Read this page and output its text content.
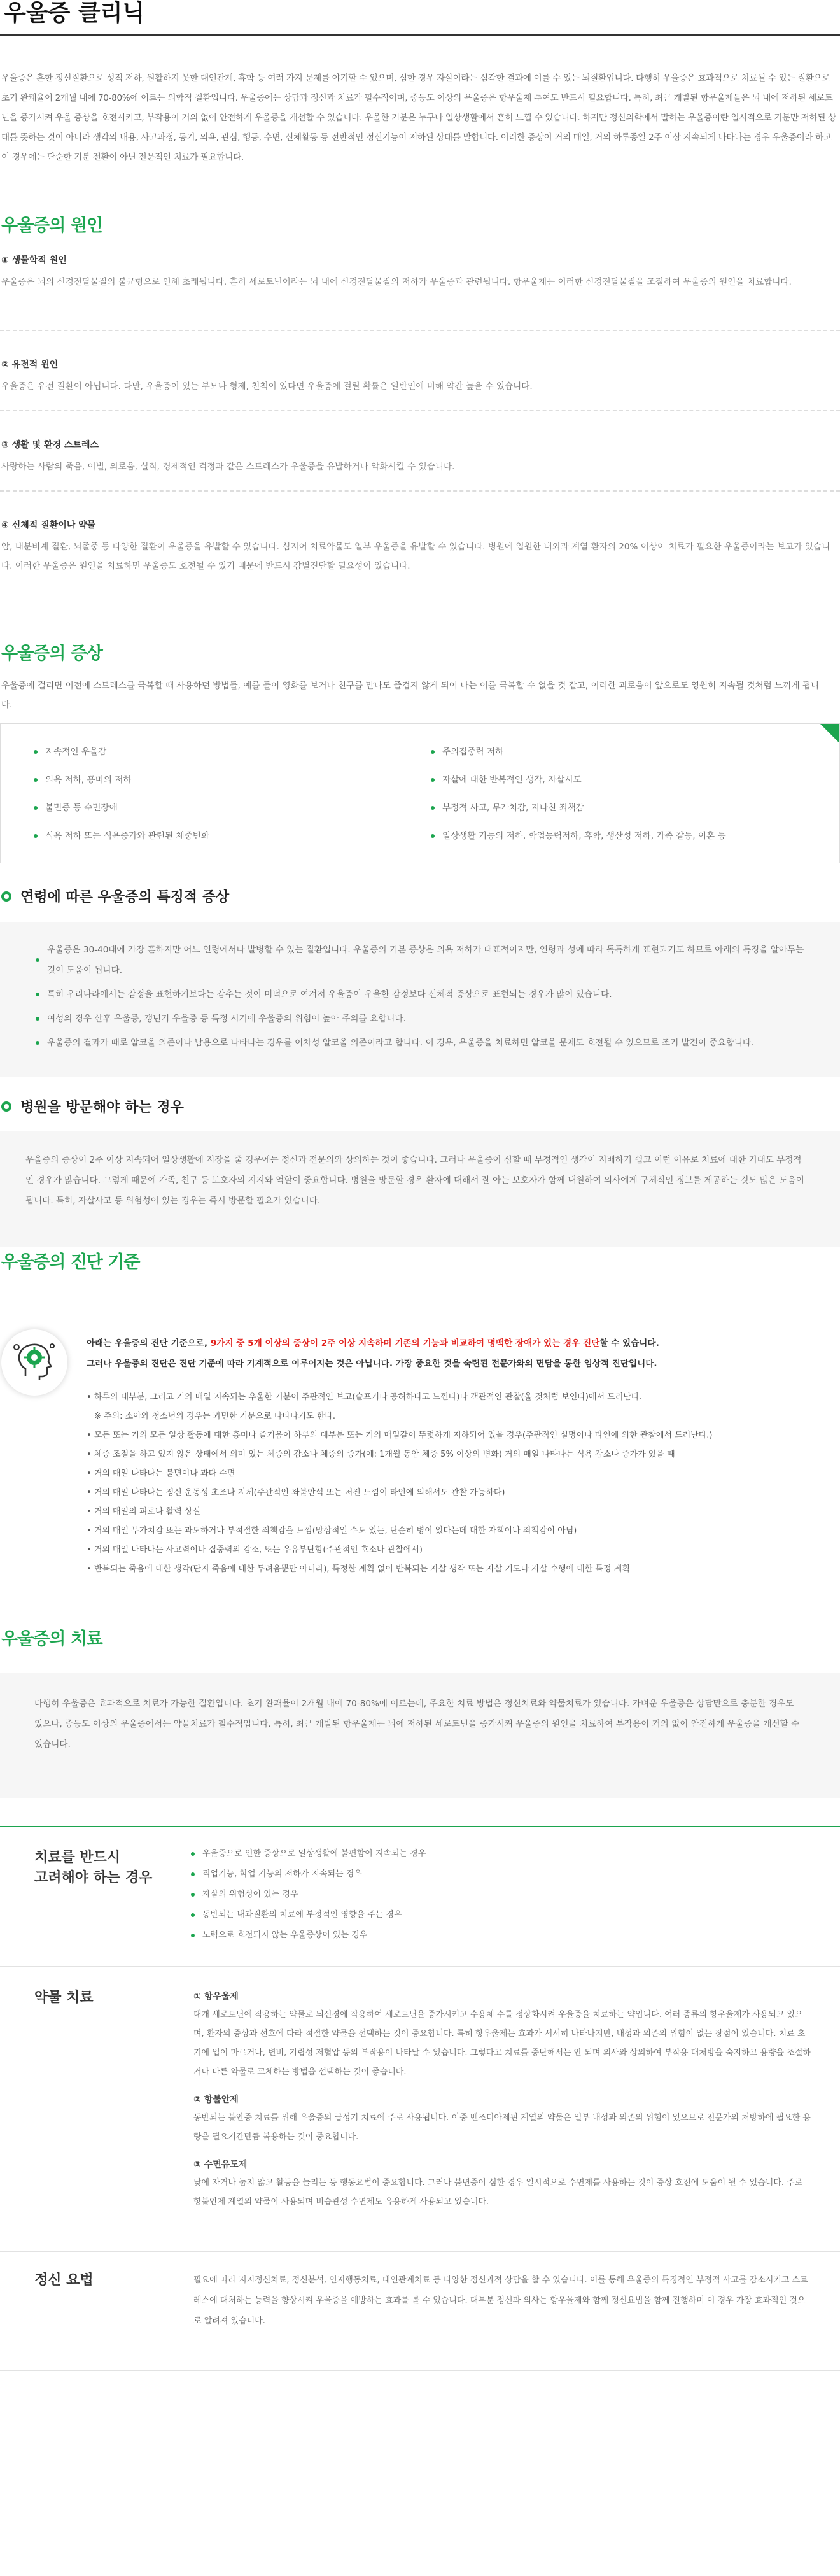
우울증 클리닉

우울증은 흔한 정신질환으로 성적 저하, 원활하지 못한 대인관계, 휴학 등 여러 가지 문제를 야기할 수 있으며, 심한 경우 자살이라는 심각한 결과에 이를 수 있는 뇌질환입니다. 다행히 우울증은 효과적으로 치료될 수 있는 질환으로 초기 완쾌율이 2개월 내에 70-80%에 이르는 의학적 질환입니다. 우울증에는 상담과 정신과 치료가 필수적이며, 중등도 이상의 우울증은 항우울제 투여도 반드시 필요합니다. 특히, 최근 개발된 항우울제들은 뇌 내에 저하된 세로토닌을 증가시켜 우울 증상을 호전시키고, 부작용이 거의 없이 안전하게 우울증을 개선할 수 있습니다. 우울한 기분은 누구나 일상생활에서 흔히 느낄 수 있습니다. 하지만 정신의학에서 말하는 우울증이란 일시적으로 기분만 저하된 상태를 뜻하는 것이 아니라 생각의 내용, 사고과정, 동기, 의욕, 관심, 행동, 수면, 신체활동 등 전반적인 정신기능이 저하된 상태를 말합니다. 이러한 증상이 거의 매일, 거의 하루종일 2주 이상 지속되게 나타나는 경우 우울증이라 하고 이 경우에는 단순한 기분 전환이 아닌 전문적인 치료가 필요합니다.

우울증의 원인
① 생물학적 원인
우울증은 뇌의 신경전달물질의 불균형으로 인해 초래됩니다. 흔히 세로토닌이라는 뇌 내에 신경전달물질의 저하가 우울증과 관련됩니다. 항우울제는 이러한 신경전달물질을 조절하여 우울증의 원인을 치료합니다.
② 유전적 원인
우울증은 유전 질환이 아닙니다. 다만, 우울증이 있는 부모나 형제, 친척이 있다면 우울증에 걸릴 확률은 일반인에 비해 약간 높을 수 있습니다.
③ 생활 및 환경 스트레스
사랑하는 사람의 죽음, 이별, 외로움, 실직, 경제적인 걱정과 같은 스트레스가 우울증을 유발하거나 악화시킬 수 있습니다.
④ 신체적 질환이나 약물
암, 내분비계 질환, 뇌졸중 등 다양한 질환이 우울증을 유발할 수 있습니다. 심지어 치료약물도 일부 우울증을 유발할 수 있습니다. 병원에 입원한 내외과 계열 환자의 20% 이상이 치료가 필요한 우울증이라는 보고가 있습니다. 이러한 우울증은 원인을 치료하면 우울증도 호전될 수 있기 때문에 반드시 감별진단할 필요성이 있습니다.
우울증의 증상

우울증에 걸리면 이전에 스트레스를 극복할 때 사용하던 방법들, 예를 들어 영화를 보거나 친구를 만나도 즐겁지 않게 되어 나는 이를 극복할 수 없을 것 같고, 이러한 괴로움이 앞으로도 영원히 지속될 것처럼 느끼게 됩니다.

지속적인 우울감
의욕 저하, 흥미의 저하
불면증 등 수면장애
식욕 저하 또는 식욕증가와 관련된 체중변화
주의집중력 저하
자살에 대한 반복적인 생각, 자살시도
부정적 사고, 무가치감, 지나친 죄책감
일상생활 기능의 저하, 학업능력저하, 휴학, 생산성 저하, 가족 갈등, 이혼 등
연령에 따른 우울증의 특징적 증상
우울증은 30-40대에 가장 흔하지만 어느 연령에서나 발병할 수 있는 질환입니다. 우울증의 기본 증상은 의욕 저하가 대표적이지만, 연령과 성에 따라 독특하게 표현되기도 하므로 아래의 특징을 알아두는 것이 도움이 됩니다.
특히 우리나라에서는 감정을 표현하기보다는 감추는 것이 미덕으로 여겨져 우울증이 우울한 감정보다 신체적 증상으로 표현되는 경우가 많이 있습니다.
여성의 경우 산후 우울증, 갱년기 우울증 등 특정 시기에 우울증의 위험이 높아 주의를 요합니다.
우울증의 결과가 때로 알코올 의존이나 남용으로 나타나는 경우를 이차성 알코올 의존이라고 합니다. 이 경우, 우울증을 치료하면 알코올 문제도 호전될 수 있으므로 조기 발견이 중요합니다.
병원을 방문해야 하는 경우

우울증의 증상이 2주 이상 지속되어 일상생활에 지장을 줄 경우에는 정신과 전문의와 상의하는 것이 좋습니다. 그러나 우울증이 심할 때 부정적인 생각이 지배하기 쉽고 이런 이유로 치료에 대한 기대도 부정적인 경우가 많습니다. 그렇게 때문에 가족, 친구 등 보호자의 지지와 역할이 중요합니다. 병원을 방문할 경우 환자에 대해서 잘 아는 보호자가 함께 내원하여 의사에게 구체적인 정보를 제공하는 것도 많은 도움이 됩니다. 특히, 자살사고 등 위험성이 있는 경우는 즉시 방문할 필요가 있습니다.

우울증의 진단 기준
아래는 우울증의 진단 기준으로, 9가지 중 5개 이상의 증상이 2주 이상 지속하며 기존의 기능과 비교하여 명백한 장애가 있는 경우 진단할 수 있습니다.
그러나 우울증의 진단은 진단 기준에 따라 기계적으로 이루어지는 것은 아닙니다. 가장 중요한 것을 숙련된 전문가와의 면담을 통한 임상적 진단입니다.
• 하루의 대부분, 그리고 거의 매일 지속되는 우울한 기분이 주관적인 보고(슬프거나 공허하다고 느낀다)나 객관적인 관찰(울 것처럼 보인다)에서 드러난다.
※ 주의: 소아와 청소년의 경우는 과민한 기분으로 나타나기도 한다.
• 모든 또는 거의 모든 일상 활동에 대한 흥미나 즐거움이 하루의 대부분 또는 거의 매일같이 뚜렷하게 저하되어 있을 경우(주관적인 설명이나 타인에 의한 관찰에서 드러난다.)
• 체중 조절을 하고 있지 않은 상태에서 의미 있는 체중의 감소나 체중의 증가(예: 1개월 동안 체중 5% 이상의 변화) 거의 매일 나타나는 식욕 감소나 증가가 있을 때
• 거의 매일 나타나는 불면이나 과다 수면
• 거의 매일 나타나는 정신 운동성 초조나 지체(주관적인 좌불안석 또는 처진 느낌이 타인에 의해서도 관찰 가능하다)
• 거의 매일의 피로나 활력 상실
• 거의 매일 무가치감 또는 과도하거나 부적절한 죄책감을 느낌(망상적일 수도 있는, 단순히 병이 있다는데 대한 자책이나 죄책감이 아님)
• 거의 매일 나타나는 사고력이나 집중력의 감소, 또는 우유부단함(주관적인 호소나 관찰에서)
• 반복되는 죽음에 대한 생각(단지 죽음에 대한 두려움뿐만 아니라), 특정한 계획 없이 반복되는 자살 생각 또는 자살 기도나 자살 수행에 대한 특정 계획
우울증의 치료

다행히 우울증은 효과적으로 치료가 가능한 질환입니다. 초기 완쾌율이 2개월 내에 70-80%에 이르는데, 주요한 치료 방법은 정신치료와 약물치료가 있습니다. 가벼운 우울증은 상담만으로 충분한 경우도 있으나, 중등도 이상의 우울증에서는 약물치료가 필수적입니다. 특히, 최근 개발된 항우울제는 뇌에 저하된 세로토닌을 증가시켜 우울증의 원인을 치료하여 부작용이 거의 없이 안전하게 우울증을 개선할 수 있습니다.

치료를 반드시
고려해야 하는 경우
우울증으로 인한 증상으로 일상생활에 불편함이 지속되는 경우
직업기능, 학업 기능의 저하가 지속되는 경우
자살의 위험성이 있는 경우
동반되는 내과질환의 치료에 부정적인 영향을 주는 경우
노력으로 호전되지 않는 우울증상이 있는 경우
약물 치료	① 항우울제
대개 세로토닌에 작용하는 약물로 뇌신경에 작용하여 세로토닌을 증가시키고 수용체 수를 정상화시켜 우울증을 치료하는 약입니다. 여러 종류의 항우울제가 사용되고 있으며, 환자의 증상과 선호에 따라 적절한 약물을 선택하는 것이 중요합니다. 특히 항우울제는 효과가 서서히 나타나지만, 내성과 의존의 위험이 없는 장점이 있습니다. 치료 초기에 입이 마르거나, 변비, 기립성 저혈압 등의 부작용이 나타날 수 있습니다. 그렇다고 치료를 중단해서는 안 되며 의사와 상의하여 부작용 대처방을 숙지하고 용량을 조절하거나 다른 약물로 교체하는 방법을 선택하는 것이 좋습니다.
② 항불안제
동반되는 불안증 치료를 위해 우울증의 급성기 치료에 주로 사용됩니다. 이중 벤조디아제핀 계열의 약물은 일부 내성과 의존의 위험이 있으므로 전문가의 처방하에 필요한 용량을 필요기간만큼 복용하는 것이 중요합니다.
③ 수면유도제
낮에 자거나 눕지 않고 활동을 늘리는 등 행동요법이 중요합니다. 그러나 불면증이 심한 경우 일시적으로 수면제를 사용하는 것이 증상 호전에 도움이 될 수 있습니다. 주로 항불안제 계열의 약물이 사용되며 비습관성 수면제도 유용하게 사용되고 있습니다.
정신 요법	필요에 따라 지지정신치료, 정신분석, 인지행동치료, 대인관계치료 등 다양한 정신과적 상담을 할 수 있습니다. 이를 통해 우울증의 특징적인 부정적 사고를 감소시키고 스트레스에 대처하는 능력을 향상시켜 우울증을 예방하는 효과를 볼 수 있습니다. 대부분 정신과 의사는 항우울제와 함께 정신요법을 함께 진행하며 이 경우 가장 효과적인 것으로 알려져 있습니다.
